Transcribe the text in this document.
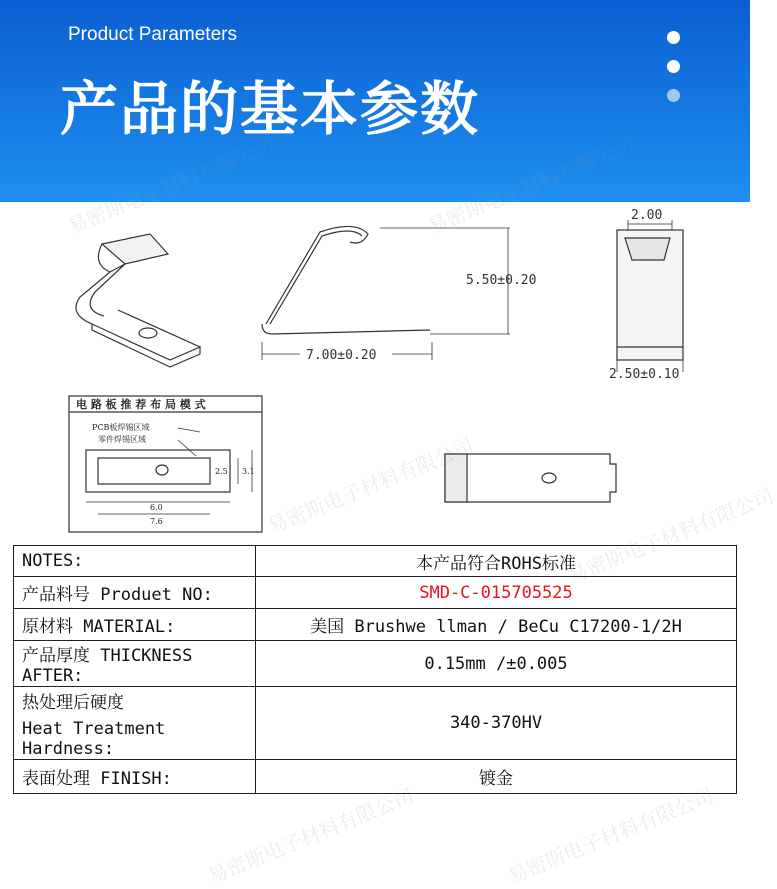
Product Parameters
产品的基本参数
5.50±0.20
7.00±0.20
2.00
2.50±0.10
电 路 板 推 荐 布 局 模 式
PCB板焊锡区域
零件焊锡区域
2.5 3.1
6.0
7.6	易密斯电子材料有限公司	易密斯电子材料有限公司
易密斯电子材料有限公司	易密斯电子材料有限公司
NOTES:	本产品符合ROHS标准
产品料号 Produet NO:	SMD-C-015705525
原材料 MATERIAL:	美国 Brushwe llman / BeCu C17200-1/2H
产品厚度 THICKNESS AFTER:	0.15mm /±0.005

热处理后硬度
Heat Treatment Hardness:	340-370HV
表面处理 FINISH:	镀金
